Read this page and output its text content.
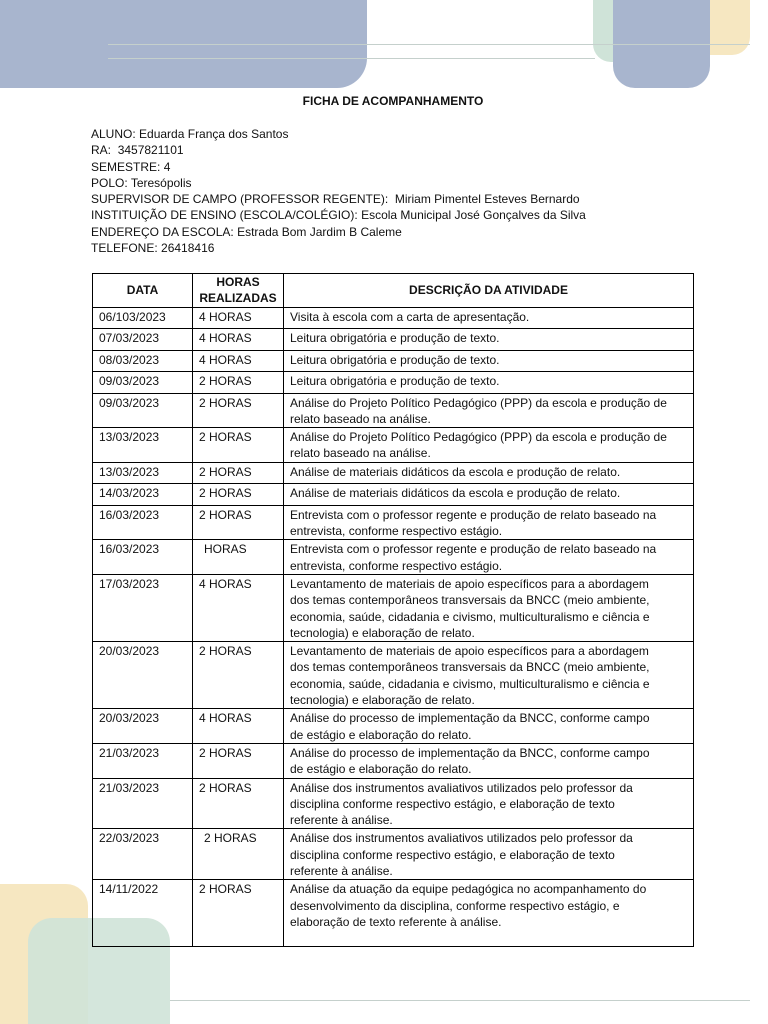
FICHA DE ACOMPANHAMENTO
ALUNO: Eduarda França dos Santos
RA: 3457821101
SEMESTRE: 4
POLO: Teresópolis
SUPERVISOR DE CAMPO (PROFESSOR REGENTE): Miriam Pimentel Esteves Bernardo
INSTITUIÇÃO DE ENSINO (ESCOLA/COLÉGIO): Escola Municipal José Gonçalves da Silva
ENDEREÇO DA ESCOLA: Estrada Bom Jardim B Caleme
TELEFONE: 26418416
DATA	HORAS REALIZADAS	DESCRIÇÃO DA ATIVIDADE
06/103/2023	4 HORAS	Visita à escola com a carta de apresentação.

07/03/2023	4 HORAS	Leitura obrigatória e produção de texto.

08/03/2023	4 HORAS	Leitura obrigatória e produção de texto.

09/03/2023	2 HORAS	Leitura obrigatória e produção de texto.

09/03/2023	2 HORAS	Análise do Projeto Político Pedagógico (PPP) da escola e produção de
relato baseado na análise.

13/03/2023	2 HORAS	Análise do Projeto Político Pedagógico (PPP) da escola e produção de
relato baseado na análise.

13/03/2023	2 HORAS	Análise de materiais didáticos da escola e produção de relato.

14/03/2023	2 HORAS	Análise de materiais didáticos da escola e produção de relato.

16/03/2023	2 HORAS	Entrevista com o professor regente e produção de relato baseado na
entrevista, conforme respectivo estágio.

16/03/2023	HORAS	Entrevista com o professor regente e produção de relato baseado na
entrevista, conforme respectivo estágio.

17/03/2023	4 HORAS	Levantamento de materiais de apoio específicos para a abordagem
dos temas contemporâneos transversais da BNCC (meio ambiente,
economia, saúde, cidadania e civismo, multiculturalismo e ciência e
tecnologia) e elaboração de relato.

20/03/2023	2 HORAS	Levantamento de materiais de apoio específicos para a abordagem
dos temas contemporâneos transversais da BNCC (meio ambiente,
economia, saúde, cidadania e civismo, multiculturalismo e ciência e
tecnologia) e elaboração de relato.

20/03/2023	4 HORAS	Análise do processo de implementação da BNCC, conforme campo
de estágio e elaboração do relato.

21/03/2023	2 HORAS	Análise do processo de implementação da BNCC, conforme campo
de estágio e elaboração do relato.

21/03/2023	2 HORAS	Análise dos instrumentos avaliativos utilizados pelo professor da
disciplina conforme respectivo estágio, e elaboração de texto
referente à análise.

22/03/2023	2 HORAS	Análise dos instrumentos avaliativos utilizados pelo professor da
disciplina conforme respectivo estágio, e elaboração de texto
referente à análise.

14/11/2022	2 HORAS	Análise da atuação da equipe pedagógica no acompanhamento do
desenvolvimento da disciplina, conforme respectivo estágio, e
elaboração de texto referente à análise.
